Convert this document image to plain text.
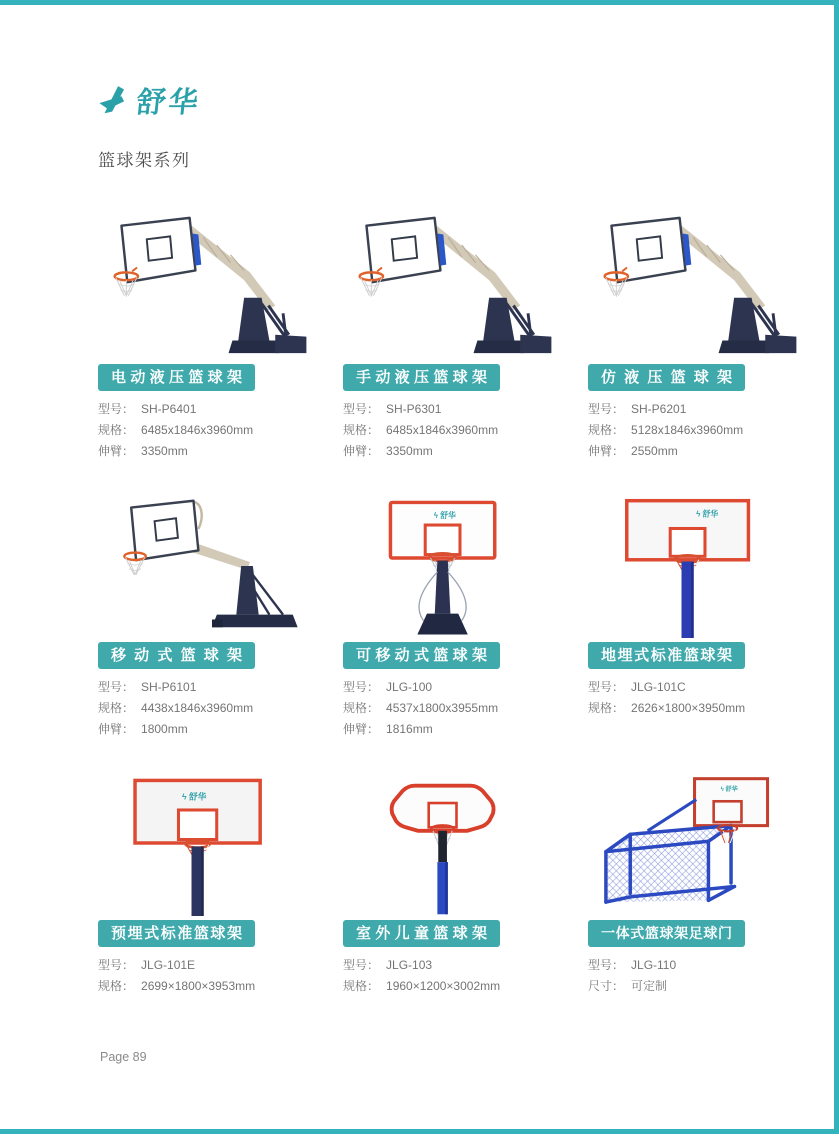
舒华
篮球架系列
电动液压篮球架
型号： SH-P6401
规格： 6485x1846x3960mm
伸臂： 3350mm
手动液压篮球架
型号： SH-P6301
规格： 6485x1846x3960mm
伸臂： 3350mm
仿液压篮球架
型号： SH-P6201
规格： 5128x1846x3960mm
伸臂： 2550mm
移动式篮球架
型号： SH-P6101
规格： 4438x1846x3960mm
伸臂： 1800mm
ϟ 舒华
可移动式篮球架
型号： JLG-100
规格： 4537x1800x3955mm
伸臂： 1816mm
ϟ 舒华
地埋式标准篮球架
型号： JLG-101C
规格： 2626×1800×3950mm
ϟ 舒华
预埋式标准篮球架
型号： JLG-101E
规格： 2699×1800×3953mm
室外儿童篮球架
型号： JLG-103
规格： 1960×1200×3002mm
ϟ 舒华
一体式篮球架足球门
型号： JLG-110
尺寸： 可定制
Page 89
